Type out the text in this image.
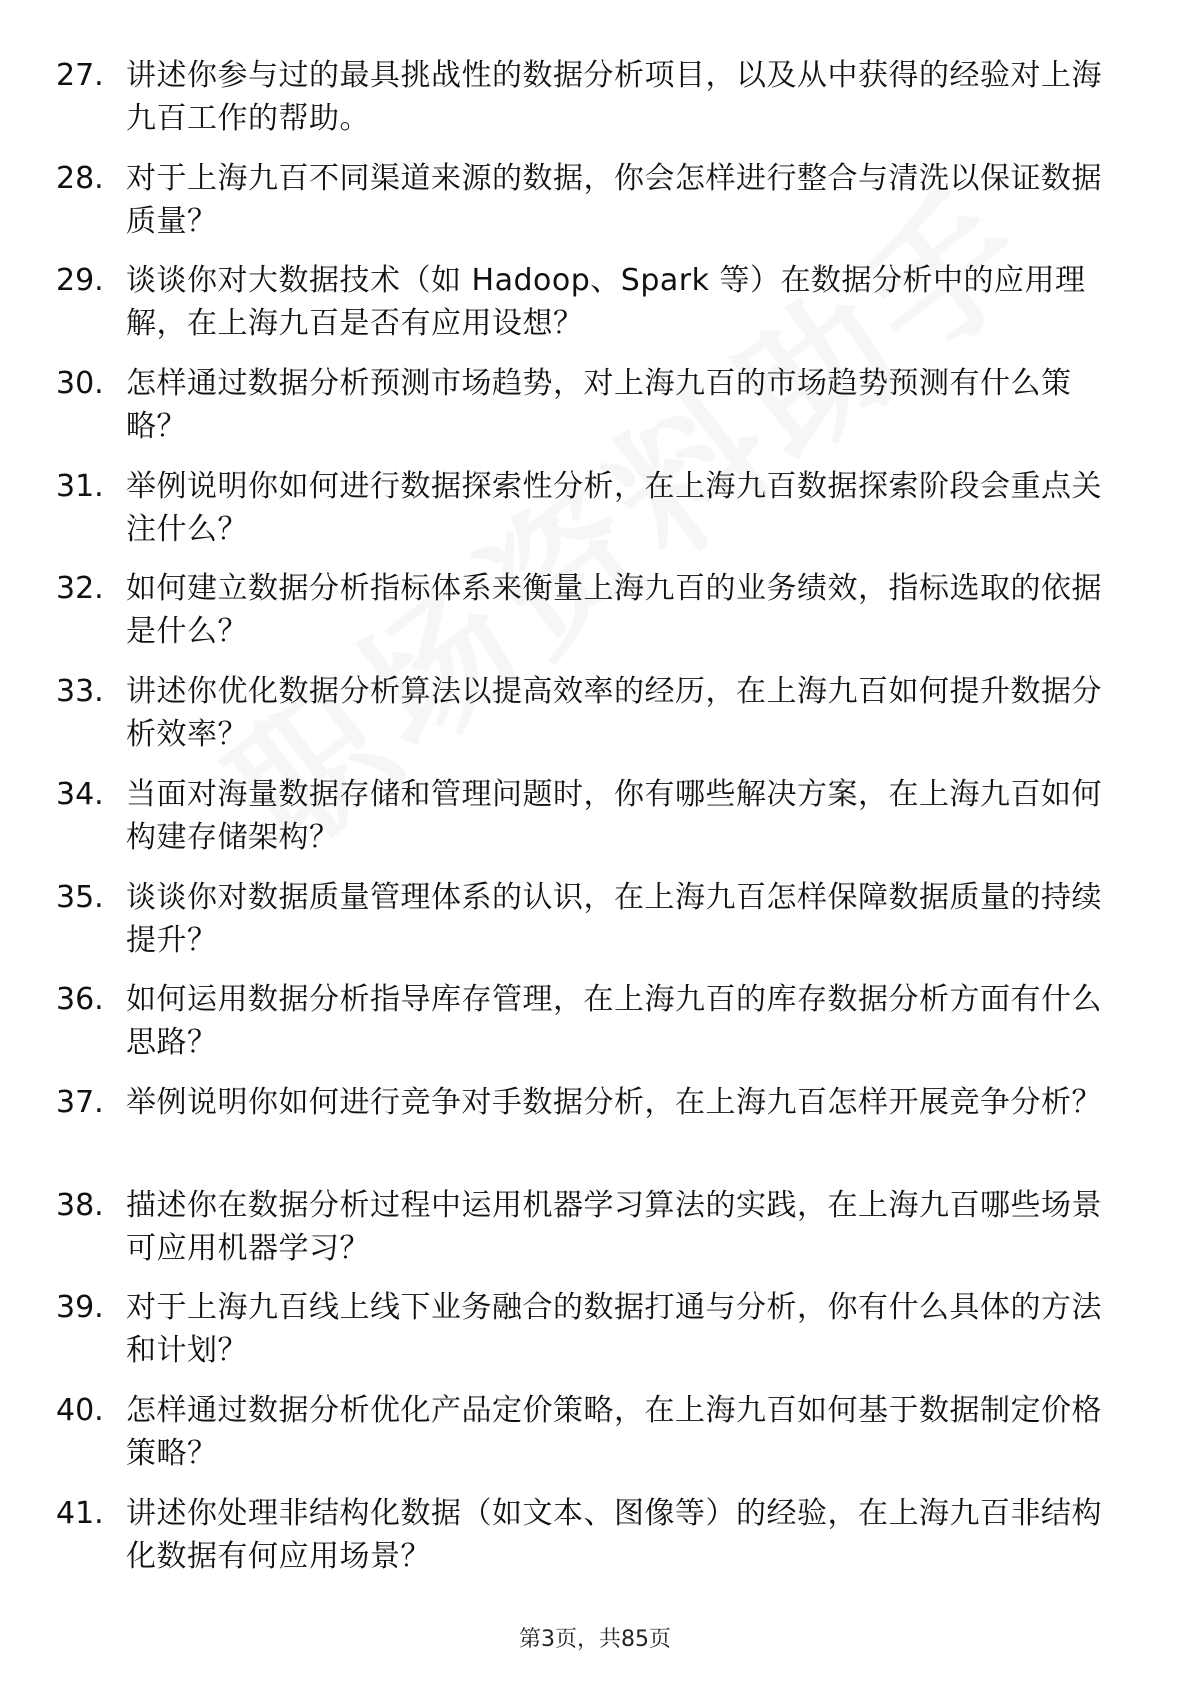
27. 讲述你参与过的最具挑战性的数据分析项目，以及从中获得的经验对上海九百工作的帮助。
28. 对于上海九百不同渠道来源的数据，你会怎样进行整合与清洗以保证数据质量？
29. 谈谈你对大数据技术（如 Hadoop、Spark 等）在数据分析中的应用理解，在上海九百是否有应用设想？
30. 怎样通过数据分析预测市场趋势，对上海九百的市场趋势预测有什么策略？
31. 举例说明你如何进行数据探索性分析，在上海九百数据探索阶段会重点关注什么？
32. 如何建立数据分析指标体系来衡量上海九百的业务绩效，指标选取的依据是什么？
33. 讲述你优化数据分析算法以提高效率的经历，在上海九百如何提升数据分析效率？
34. 当面对海量数据存储和管理问题时，你有哪些解决方案，在上海九百如何构建存储架构？
35. 谈谈你对数据质量管理体系的认识，在上海九百怎样保障数据质量的持续提升？
36. 如何运用数据分析指导库存管理，在上海九百的库存数据分析方面有什么思路？
37. 举例说明你如何进行竞争对手数据分析，在上海九百怎样开展竞争分析？
38. 描述你在数据分析过程中运用机器学习算法的实践，在上海九百哪些场景可应用机器学习？
39. 对于上海九百线上线下业务融合的数据打通与分析，你有什么具体的方法和计划？
40. 怎样通过数据分析优化产品定价策略，在上海九百如何基于数据制定价格策略？
41. 讲述你处理非结构化数据（如文本、图像等）的经验，在上海九百非结构化数据有何应用场景？
第3页，共85页
